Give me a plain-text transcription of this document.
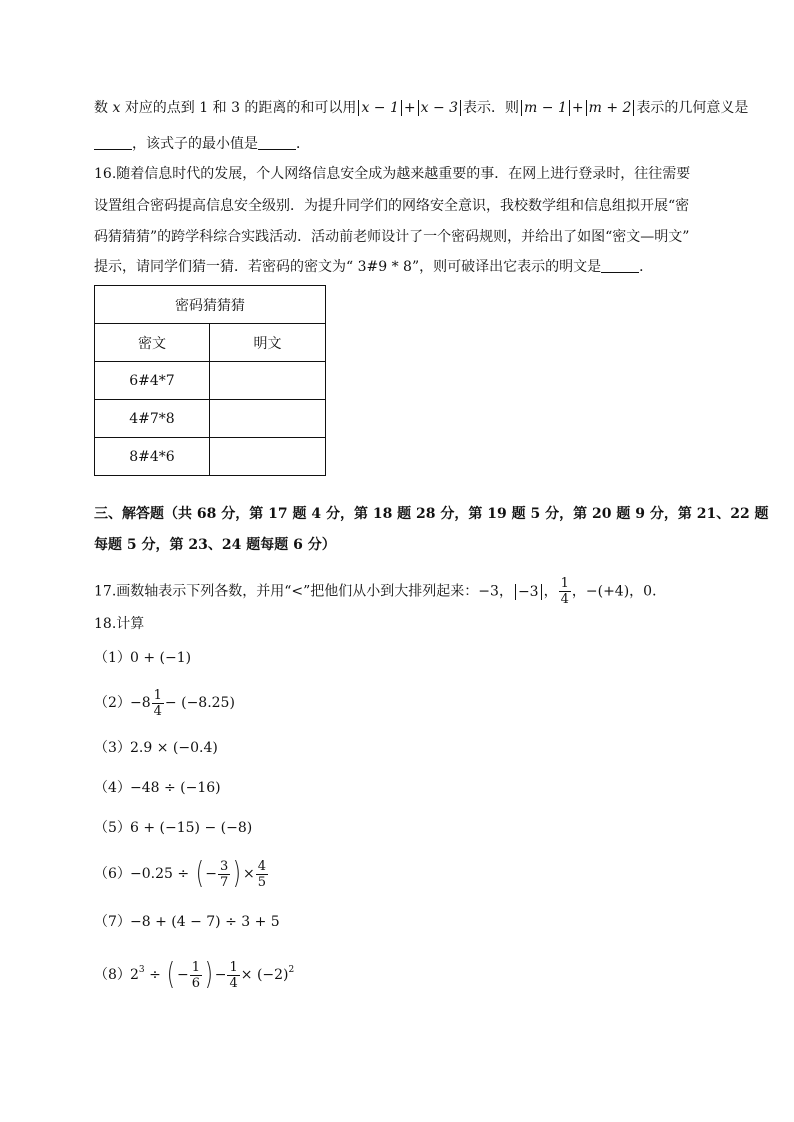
数 x 对应的点到 1 和 3 的距离的和可以用 x − 1 + x − 3 表示．则 m − 1 + m + 2 表示的几何意义是
，该式子的最小值是	．
16.随着信息时代的发展，个人网络信息安全成为越来越重要的事．在网上进行登录时，往往需要
设置组合密码提高信息安全级别．为提升同学们的网络安全意识，我校数学组和信息组拟开展“密
码猜猜猜”的跨学科综合实践活动．活动前老师设计了一个密码规则，并给出了如图“密文—明文”
提示，请同学们猜一猜．若密码的密文为“ 3#9 * 8”，则可破译出它表示的明文是	．
密码猜猜猜	
密文	明文
6#4*7	
4#7*8	
8#4*6	
三、解答题（共 68 分，第 17 题 4 分，第 18 题 28 分，第 19 题 5 分，第 20 题 9 分，第 21、22 题
每题 5 分，第 23、24 题每题 6 分）
17.画数轴表示下列各数，并用“<”把他们从小到大排列起来：−3， −3 ， $\frac{1}{4}$ ，−(+4)，0．
18.计算
（1）0 + (−1)
$(2)-8 \frac{1}{4} - (-8.25)$
（3）2.9 × (−0.4)
（4）−48 ÷ (−16)
（5）6 + (−15) − (−8)
（6）−0.25 ÷ ( − $\frac{3}{7}$ ) × $\frac{4}{5}$
（7）−8 + (4 − 7) ÷ 3 + 5
$(8)2^3$ ÷ ( − $\frac{1}{6}$ ) − $\frac{1}{4} \times (-2)^2$
